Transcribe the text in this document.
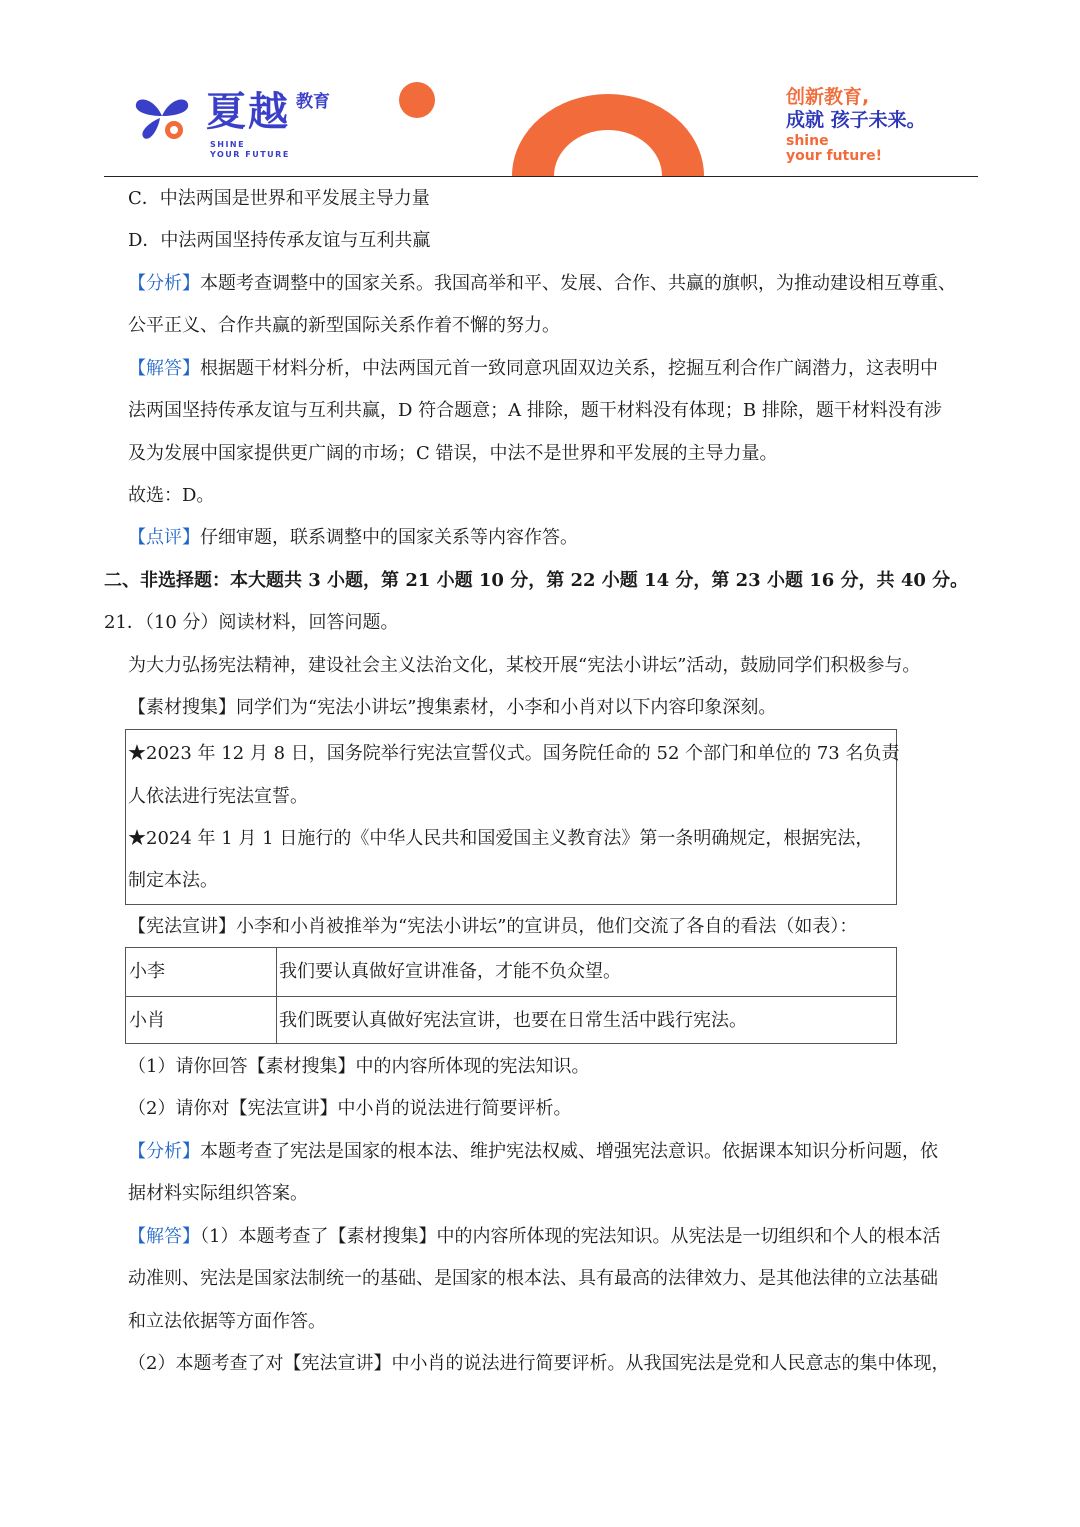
夏越 教育
SHINE
YOUR FUTURE
创新教育,
成就 孩子未来。
shine
your future!
C．中法两国是世界和平发展主导力量
D．中法两国坚持传承友谊与互利共赢
【分析】本题考查调整中的国家关系。我国高举和平、发展、合作、共赢的旗帜，为推动建设相互尊重、
公平正义、合作共赢的新型国际关系作着不懈的努力。
【解答】根据题干材料分析，中法两国元首一致同意巩固双边关系，挖掘互利合作广阔潜力，这表明中
法两国坚持传承友谊与互利共赢，D 符合题意；A 排除，题干材料没有体现；B 排除，题干材料没有涉
及为发展中国家提供更广阔的市场；C 错误，中法不是世界和平发展的主导力量。
故选：D。
【点评】仔细审题，联系调整中的国家关系等内容作答。
二、非选择题：本大题共 3 小题，第 21 小题 10 分，第 22 小题 14 分，第 23 小题 16 分，共 40 分。
21．（10 分）阅读材料，回答问题。
为大力弘扬宪法精神，建设社会主义法治文化，某校开展“宪法小讲坛”活动，鼓励同学们积极参与。
【素材搜集】同学们为“宪法小讲坛”搜集素材，小李和小肖对以下内容印象深刻。
★2023 年 12 月 8 日，国务院举行宪法宣誓仪式。国务院任命的 52 个部门和单位的 73 名负责
人依法进行宪法宣誓。
★2024 年 1 月 1 日施行的《中华人民共和国爱国主义教育法》第一条明确规定，根据宪法，
制定本法。
【宪法宣讲】小李和小肖被推举为“宪法小讲坛”的宣讲员，他们交流了各自的看法（如表）：
小李	我们要认真做好宣讲准备，才能不负众望。
小肖	我们既要认真做好宪法宣讲，也要在日常生活中践行宪法。
（1）请你回答【素材搜集】中的内容所体现的宪法知识。
（2）请你对【宪法宣讲】中小肖的说法进行简要评析。
【分析】本题考查了宪法是国家的根本法、维护宪法权威、增强宪法意识。依据课本知识分析问题，依
据材料实际组织答案。
【解答】（1）本题考查了【素材搜集】中的内容所体现的宪法知识。从宪法是一切组织和个人的根本活
动准则、宪法是国家法制统一的基础、是国家的根本法、具有最高的法律效力、是其他法律的立法基础
和立法依据等方面作答。
（2）本题考查了对【宪法宣讲】中小肖的说法进行简要评析。从我国宪法是党和人民意志的集中体现，
